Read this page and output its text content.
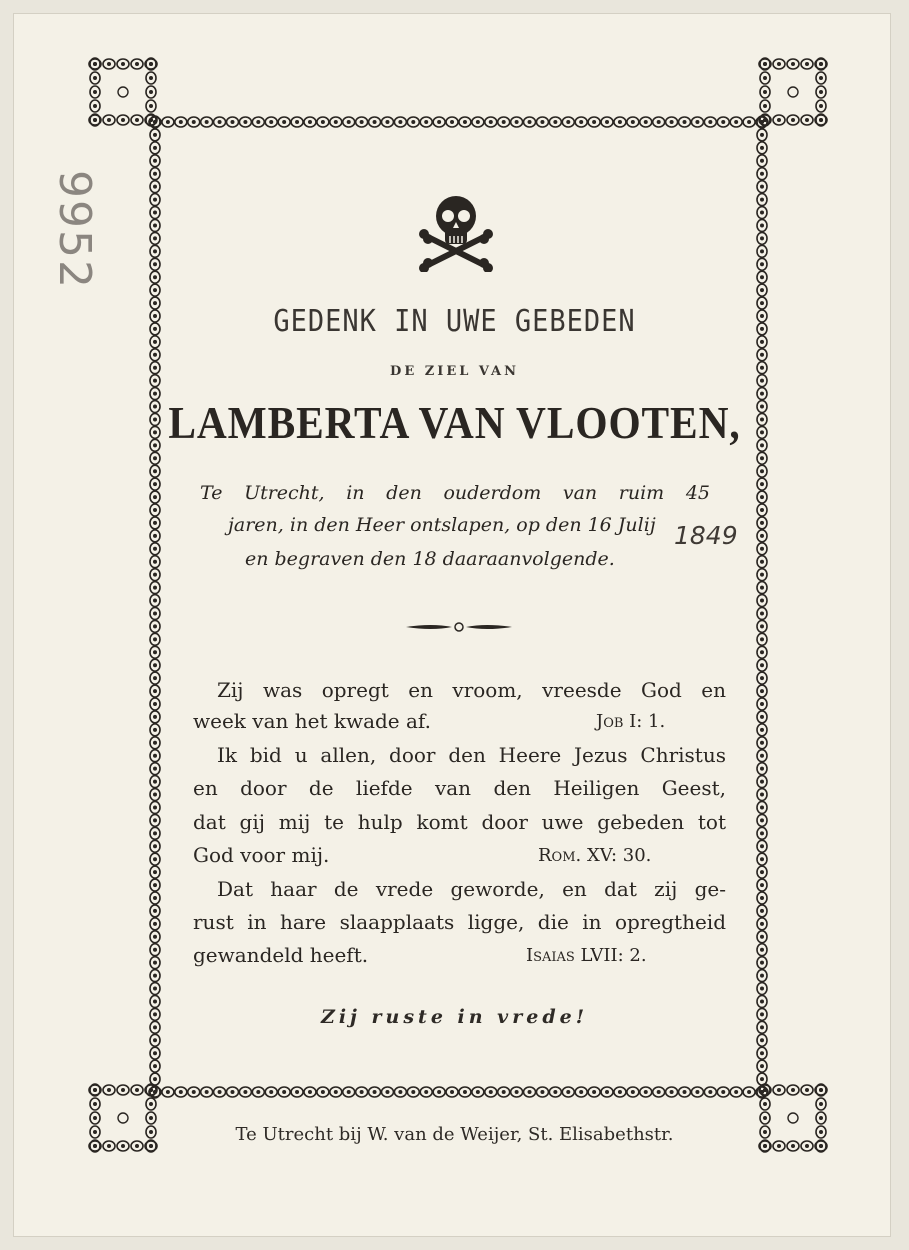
9952
GEDENK IN UWE GEBEDEN
DE ZIEL VAN
LAMBERTA VAN VLOOTEN,
Te Utrecht, in den ouderdom van ruim 45
jaren, in den Heer ontslapen, op den 16 Julij
en begraven den 18 daaraanvolgende.
1849
Zij was opregt en vroom, vreesde God en
week van het kwade af.	Job I: 1.
Ik bid u allen, door den Heere Jezus Christus
en door de liefde van den Heiligen Geest,
dat gij mij te hulp komt door uwe gebeden tot
God voor mij.	Rom. XV: 30.
Dat haar de vrede geworde, en dat zij ge-
rust in hare slaapplaats ligge, die in opregtheid
gewandeld heeft.	Isaias LVII: 2.
Zij ruste in vrede!
Te Utrecht bij W. van de Weijer, St. Elisabethstr.
